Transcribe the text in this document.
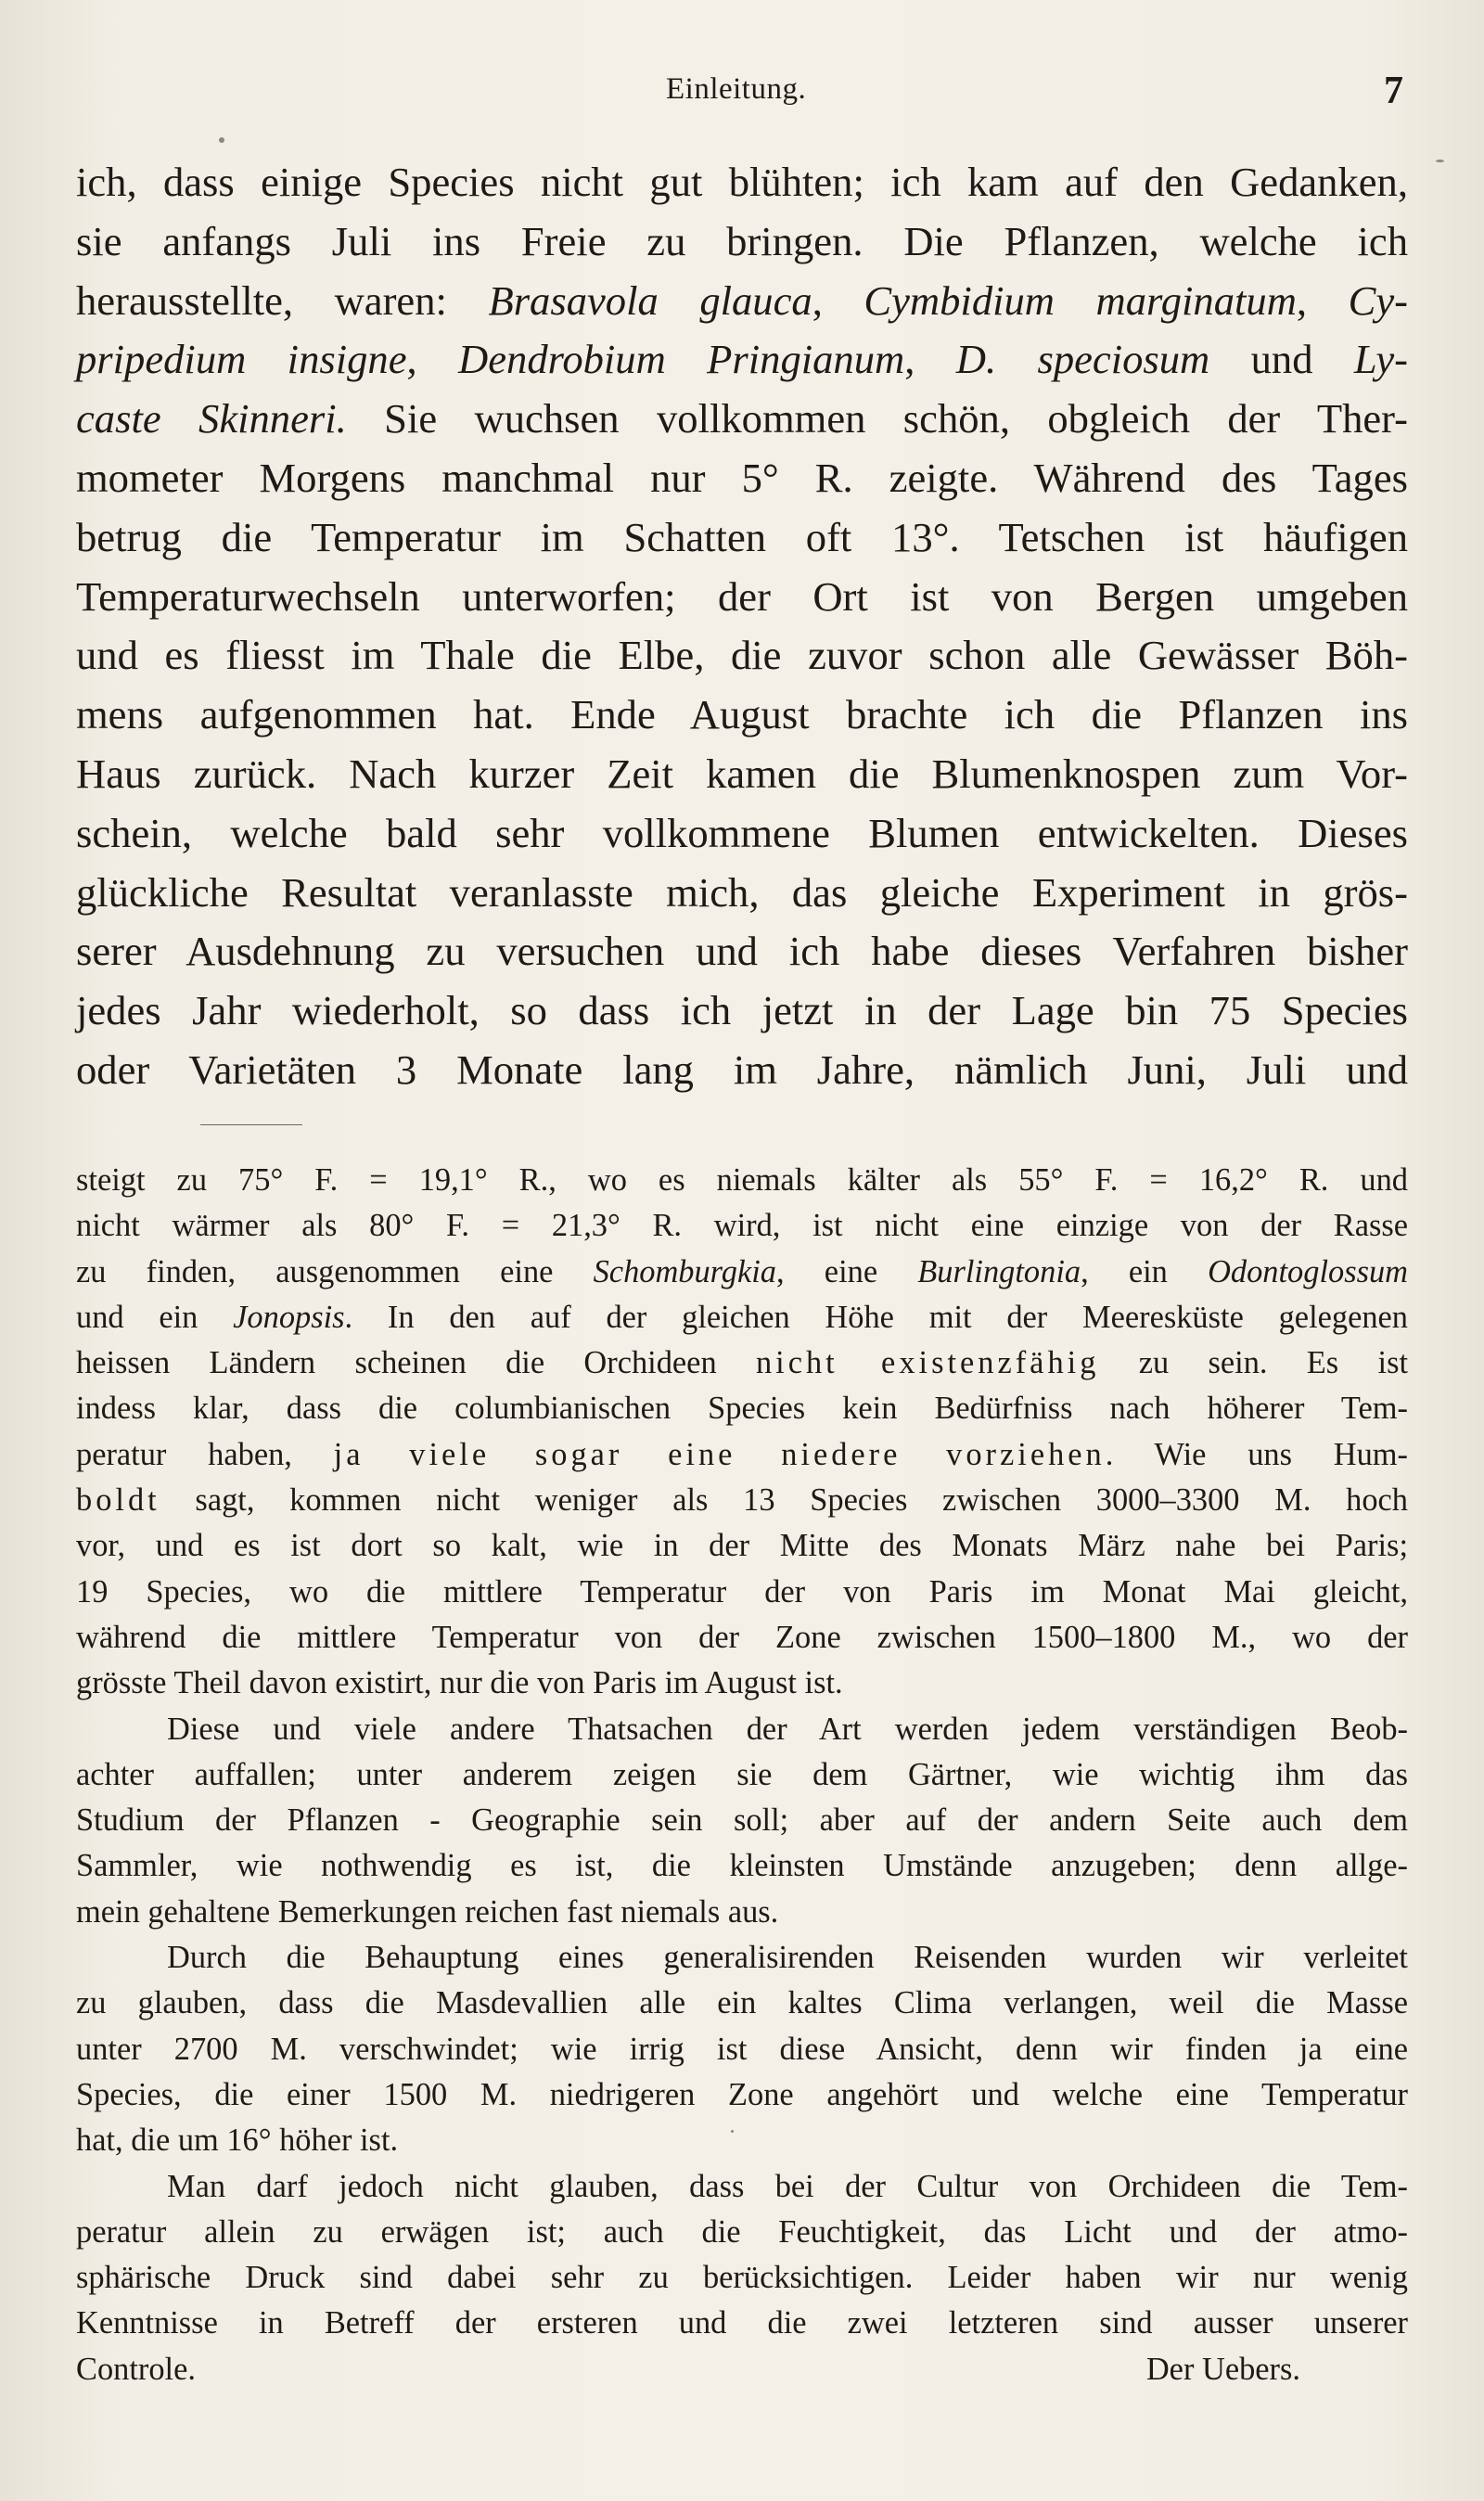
Einleitung.	7
ich, dass einige Species nicht gut blühten; ich kam auf den Gedanken,
sie anfangs Juli ins Freie zu bringen. Die Pflanzen, welche ich
herausstellte, waren: Brasavola glauca, Cymbidium marginatum, Cy-
pripedium insigne, Dendrobium Pringianum, D. speciosum und Ly-
caste Skinneri. Sie wuchsen vollkommen schön, obgleich der Ther-
mometer Morgens manchmal nur 5° R. zeigte. Während des Tages
betrug die Temperatur im Schatten oft 13°. Tetschen ist häufigen
Temperaturwechseln unterworfen; der Ort ist von Bergen umgeben
und es fliesst im Thale die Elbe, die zuvor schon alle Gewässer Böh-
mens aufgenommen hat. Ende August brachte ich die Pflanzen ins
Haus zurück. Nach kurzer Zeit kamen die Blumenknospen zum Vor-
schein, welche bald sehr vollkommene Blumen entwickelten. Dieses
glückliche Resultat veranlasste mich, das gleiche Experiment in grös-
serer Ausdehnung zu versuchen und ich habe dieses Verfahren bisher
jedes Jahr wiederholt, so dass ich jetzt in der Lage bin 75 Species
oder Varietäten 3 Monate lang im Jahre, nämlich Juni, Juli und
steigt zu 75° F. = 19,1° R., wo es niemals kälter als 55° F. = 16,2° R. und
nicht wärmer als 80° F. = 21,3° R. wird, ist nicht eine einzige von der Rasse
zu finden, ausgenommen eine Schomburgkia, eine Burlingtonia, ein Odontoglossum
und ein Jonopsis. In den auf der gleichen Höhe mit der Meeresküste gelegenen
heissen Ländern scheinen die Orchideen nicht existenzfähig zu sein. Es ist
indess klar, dass die columbianischen Species kein Bedürfniss nach höherer Tem-
peratur haben, ja viele sogar eine niedere vorziehen. Wie uns Hum-
boldt sagt, kommen nicht weniger als 13 Species zwischen 3000–3300 M. hoch
vor, und es ist dort so kalt, wie in der Mitte des Monats März nahe bei Paris;
19 Species, wo die mittlere Temperatur der von Paris im Monat Mai gleicht,
während die mittlere Temperatur von der Zone zwischen 1500–1800 M., wo der
grösste Theil davon existirt, nur die von Paris im August ist.
Diese und viele andere Thatsachen der Art werden jedem verständigen Beob-
achter auffallen; unter anderem zeigen sie dem Gärtner, wie wichtig ihm das
Studium der Pflanzen - Geographie sein soll; aber auf der andern Seite auch dem
Sammler, wie nothwendig es ist, die kleinsten Umstände anzugeben; denn allge-
mein gehaltene Bemerkungen reichen fast niemals aus.
Durch die Behauptung eines generalisirenden Reisenden wurden wir verleitet
zu glauben, dass die Masdevallien alle ein kaltes Clima verlangen, weil die Masse
unter 2700 M. verschwindet; wie irrig ist diese Ansicht, denn wir finden ja eine
Species, die einer 1500 M. niedrigeren Zone angehört und welche eine Temperatur
hat, die um 16° höher ist.
Man darf jedoch nicht glauben, dass bei der Cultur von Orchideen die Tem-
peratur allein zu erwägen ist; auch die Feuchtigkeit, das Licht und der atmo-
sphärische Druck sind dabei sehr zu berücksichtigen. Leider haben wir nur wenig
Kenntnisse in Betreff der ersteren und die zwei letzteren sind ausser unserer
Controle.	Der Uebers.
